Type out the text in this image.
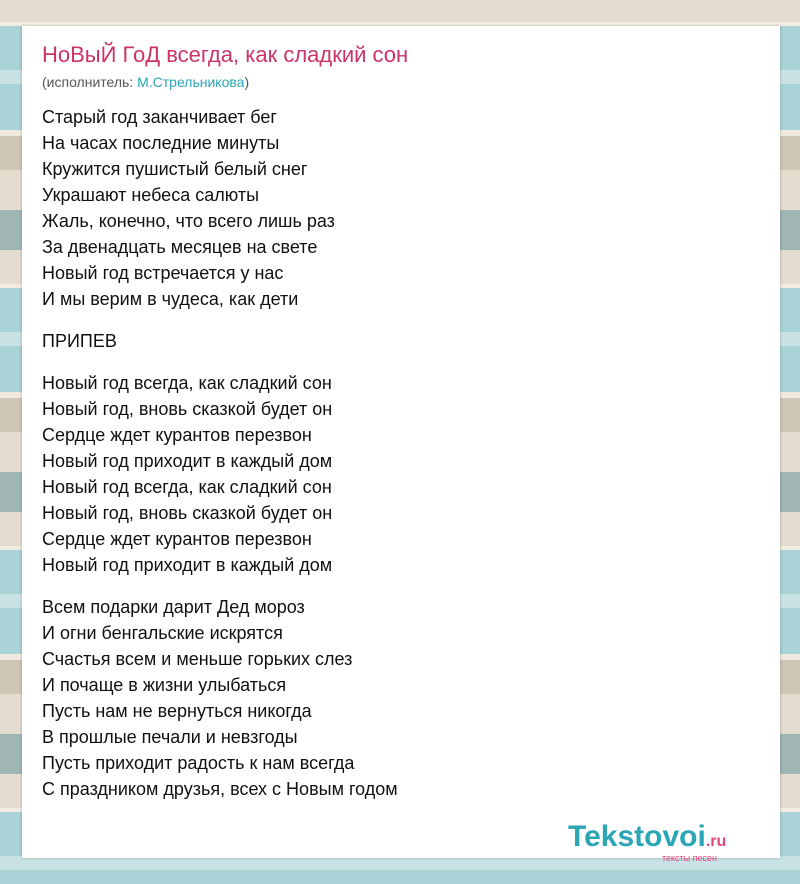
НоВыЙ ГоД всегда, как сладкий сон
(исполнитель: М.Стрельникова)
Старый год заканчивает бег
На часах последние минуты
Кружится пушистый белый снег
Украшают небеса салюты
Жаль, конечно, что всего лишь раз
За двенадцать месяцев на свете
Новый год встречается у нас
И мы верим в чудеса, как дети
ПРИПЕВ
Новый год всегда, как сладкий сон
Новый год, вновь сказкой будет он
Сердце ждет курантов перезвон
Новый год приходит в каждый дом
Новый год всегда, как сладкий сон
Новый год, вновь сказкой будет он
Сердце ждет курантов перезвон
Новый год приходит в каждый дом
Всем подарки дарит Дед мороз
И огни бенгальские искрятся
Счастья всем и меньше горьких слез
И почаще в жизни улыбаться
Пусть нам не вернуться никогда
В прошлые печали и невзгоды
Пусть приходит радость к нам всегда
С праздником друзья, всех с Новым годом
Tekstovoi.ru
тексты песен
